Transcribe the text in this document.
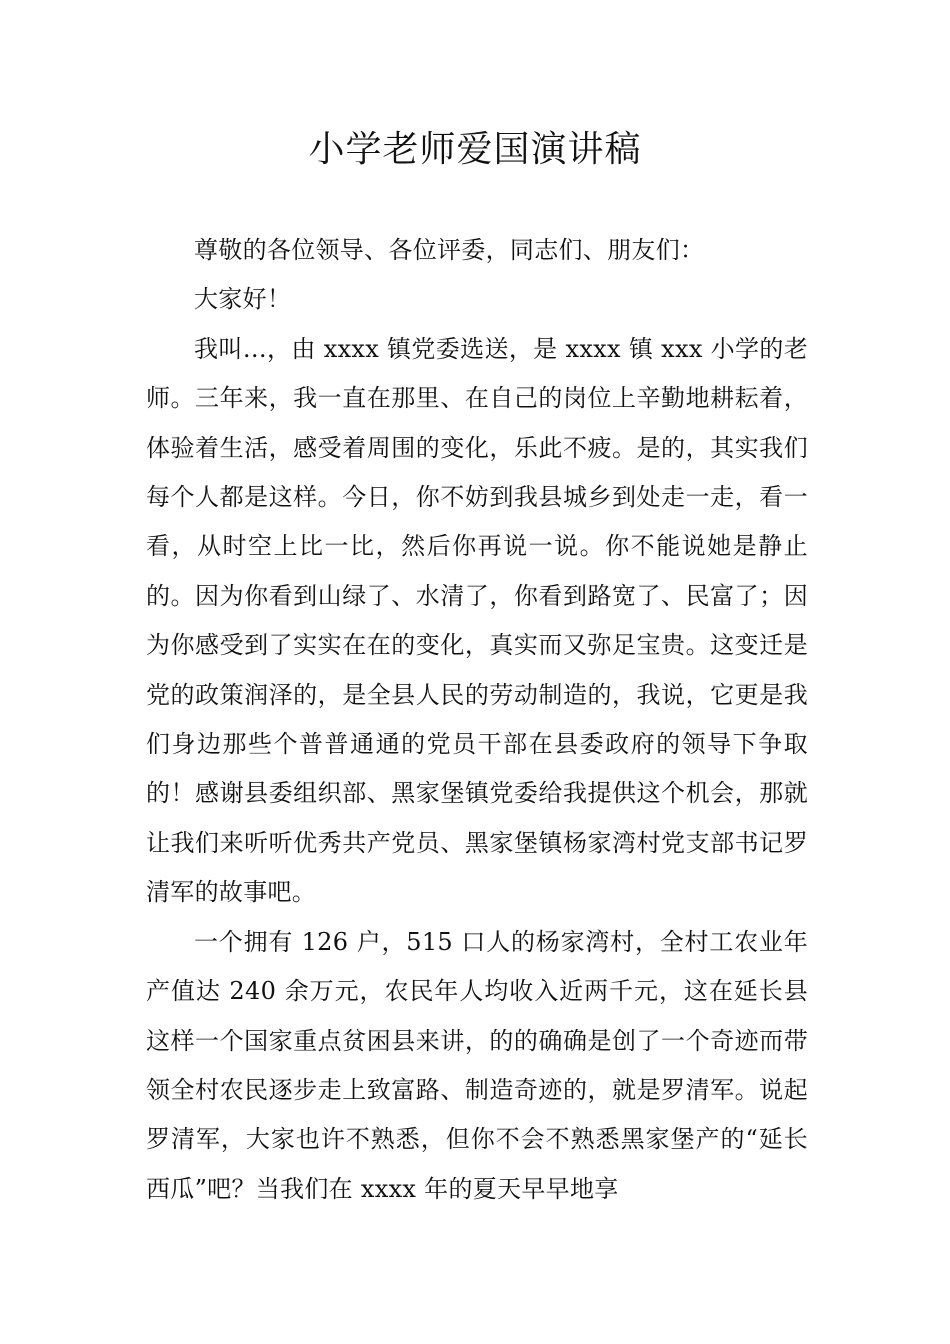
小学老师爱国演讲稿

尊敬的各位领导、各位评委，同志们、朋友们：

大家好！

我叫…，由 xxxx 镇党委选送，是 xxxx 镇 xxx 小学的老师。三年来，我一直在那里、在自己的岗位上辛勤地耕耘着，体验着生活，感受着周围的变化，乐此不疲。是的，其实我们每个人都是这样。今日，你不妨到我县城乡到处走一走，看一看，从时空上比一比，然后你再说一说。你不能说她是静止的。因为你看到山绿了、水清了，你看到路宽了、民富了；因为你感受到了实实在在的变化，真实而又弥足宝贵。这变迁是党的政策润泽的，是全县人民的劳动制造的，我说，它更是我们身边那些个普普通通的党员干部在县委政府的领导下争取的！感谢县委组织部、黑家堡镇党委给我提供这个机会，那就让我们来听听优秀共产党员、黑家堡镇杨家湾村党支部书记罗清军的故事吧。

一个拥有 126 户，515 口人的杨家湾村，全村工农业年产值达 240 余万元，农民年人均收入近两千元，这在延长县这样一个国家重点贫困县来讲，的的确确是创了一个奇迹而带领全村农民逐步走上致富路、制造奇迹的，就是罗清军。说起罗清军，大家也许不熟悉，但你不会不熟悉黑家堡产的“延长西瓜”吧？当我们在 xxxx 年的夏天早早地享
